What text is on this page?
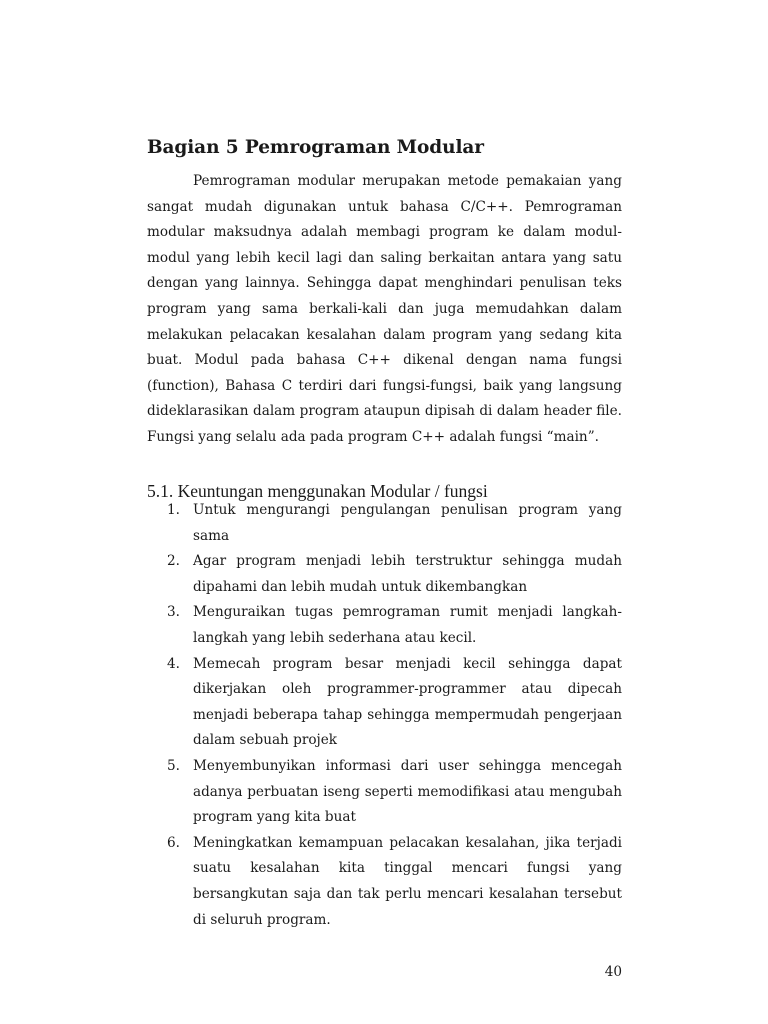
Bagian 5 Pemrograman Modular

Pemrograman modular merupakan metode pemakaian yang sangat mudah digunakan untuk bahasa C/C++. Pemrograman modular maksudnya adalah membagi program ke dalam modul-modul yang lebih kecil lagi dan saling berkaitan antara yang satu dengan yang lainnya. Sehingga dapat menghindari penulisan teks program yang sama berkali-kali dan juga memudahkan dalam melakukan pelacakan kesalahan dalam program yang sedang kita buat. Modul pada bahasa C++ dikenal dengan nama fungsi (function), Bahasa C terdiri dari fungsi-fungsi, baik yang langsung dideklarasikan dalam program ataupun dipisah di dalam header file. Fungsi yang selalu ada pada program C++ adalah fungsi “main”.

5.1. Keuntungan menggunakan Modular / fungsi
1. Untuk mengurangi pengulangan penulisan program yang sama
2. Agar program menjadi lebih terstruktur sehingga mudah dipahami dan lebih mudah untuk dikembangkan
3. Menguraikan tugas pemrograman rumit menjadi langkah-langkah yang lebih sederhana atau kecil.
4. Memecah program besar menjadi kecil sehingga dapat dikerjakan oleh programmer-programmer atau dipecah menjadi beberapa tahap sehingga mempermudah pengerjaan dalam sebuah projek
5. Menyembunyikan informasi dari user sehingga mencegah adanya perbuatan iseng seperti memodifikasi atau mengubah program yang kita buat
6. Meningkatkan kemampuan pelacakan kesalahan, jika terjadi suatu kesalahan kita tinggal mencari fungsi yang bersangkutan saja dan tak perlu mencari kesalahan tersebut di seluruh program.

40
